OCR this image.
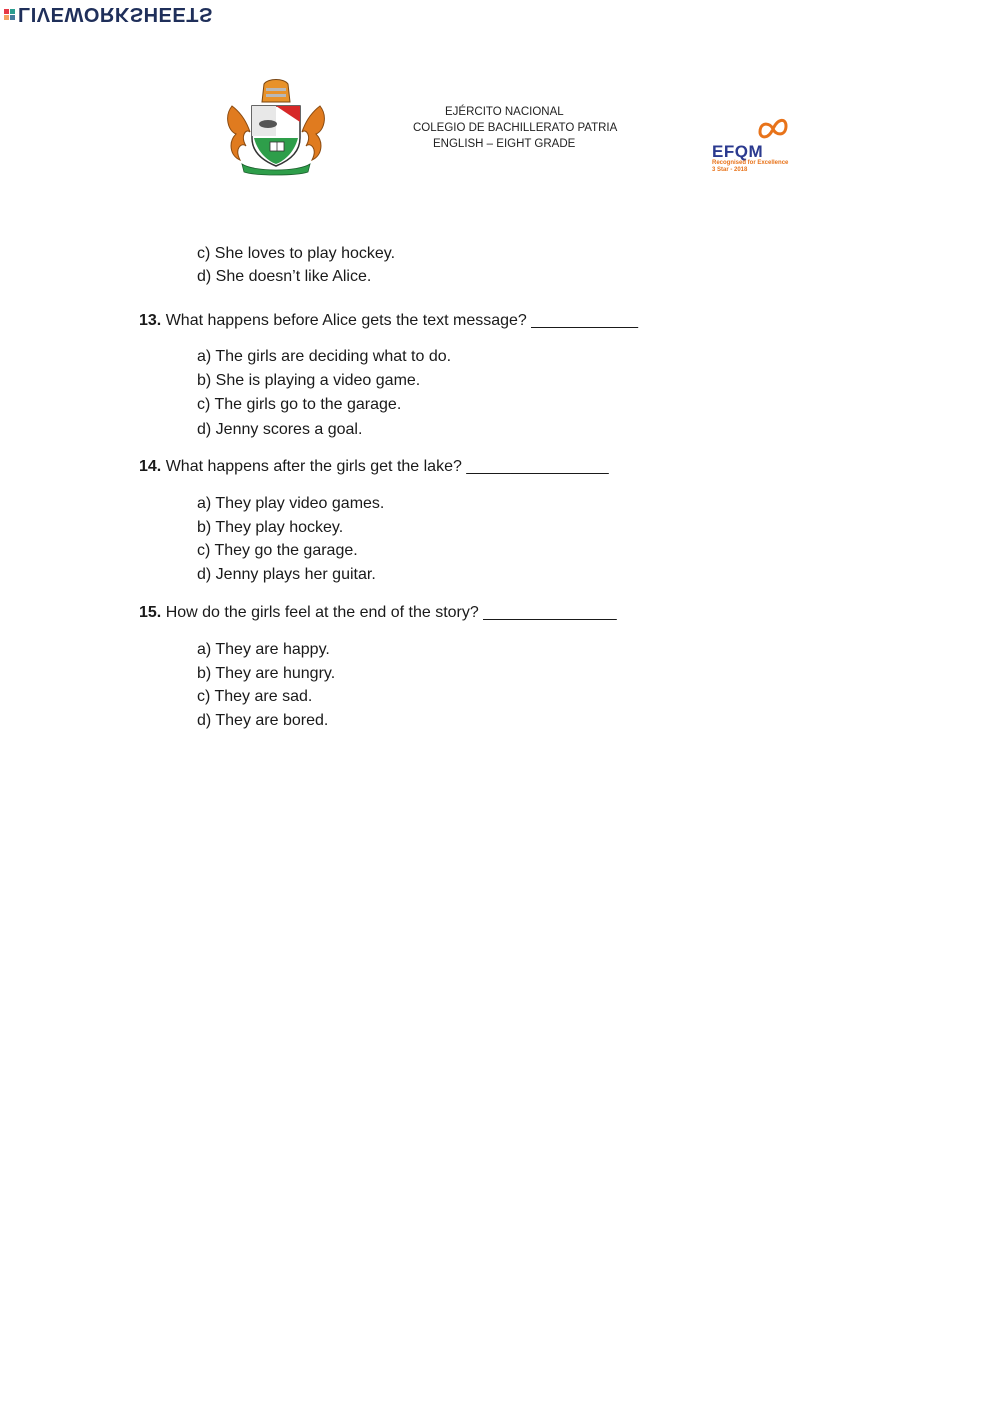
LIVEWORKSHEETS
EJÉRCITO NACIONAL
COLEGIO DE BACHILLERATO PATRIA
ENGLISH – EIGHT GRADE	EFQM
Recognised for Excellence
3 Star - 2018
c) She loves to play hockey.
d) She doesn’t like Alice.
13. What happens before Alice gets the text message? ____________
a) The girls are deciding what to do.
b) She is playing a video game.
c) The girls go to the garage.
d) Jenny scores a goal.
14. What happens after the girls get the lake? ________________
a) They play video games.
b) They play hockey.
c) They go the garage.
d) Jenny plays her guitar.
15. How do the girls feel at the end of the story? _______________
a) They are happy.
b) They are hungry.
c) They are sad.
d) They are bored.
